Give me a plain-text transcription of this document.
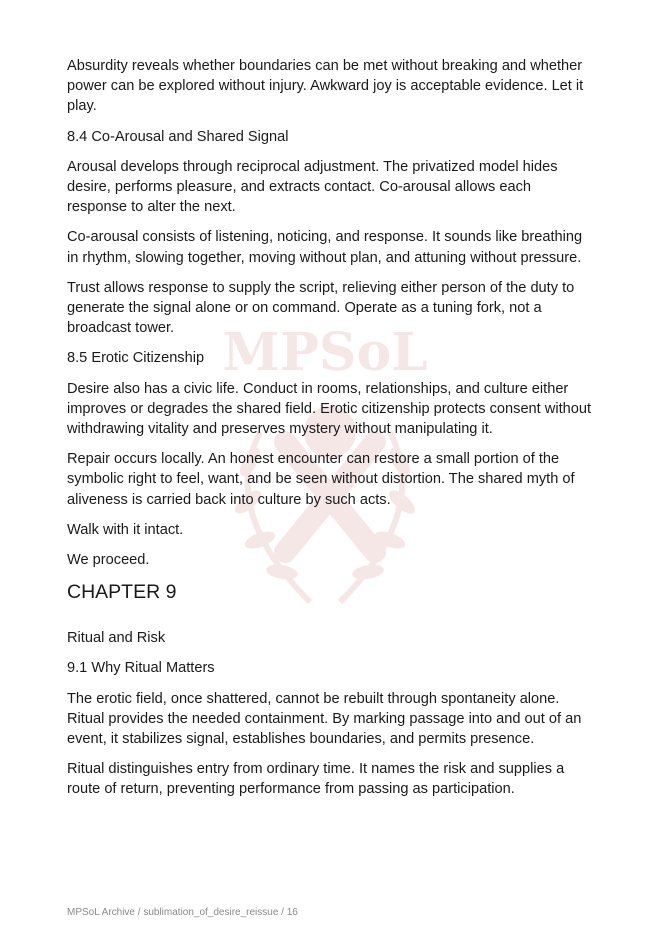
MPSoL

Absurdity reveals whether boundaries can be met without breaking and whether power can be explored without injury. Awkward joy is acceptable evidence. Let it play.

8.4 Co-Arousal and Shared Signal

Arousal develops through reciprocal adjustment. The privatized model hides desire, performs pleasure, and extracts contact. Co-arousal allows each response to alter the next.

Co-arousal consists of listening, noticing, and response. It sounds like breathing in rhythm, slowing together, moving without plan, and attuning without pressure.

Trust allows response to supply the script, relieving either person of the duty to generate the signal alone or on command. Operate as a tuning fork, not a broadcast tower.

8.5 Erotic Citizenship

Desire also has a civic life. Conduct in rooms, relationships, and culture either improves or degrades the shared field. Erotic citizenship protects consent without withdrawing vitality and preserves mystery without manipulating it.

Repair occurs locally. An honest encounter can restore a small portion of the symbolic right to feel, want, and be seen without distortion. The shared myth of aliveness is carried back into culture by such acts.

Walk with it intact.

We proceed.

CHAPTER 9

Ritual and Risk

9.1 Why Ritual Matters

The erotic field, once shattered, cannot be rebuilt through spontaneity alone. Ritual provides the needed containment. By marking passage into and out of an event, it stabilizes signal, establishes boundaries, and permits presence.

Ritual distinguishes entry from ordinary time. It names the risk and supplies a route of return, preventing performance from passing as participation.

MPSoL Archive / sublimation_of_desire_reissue / 16
